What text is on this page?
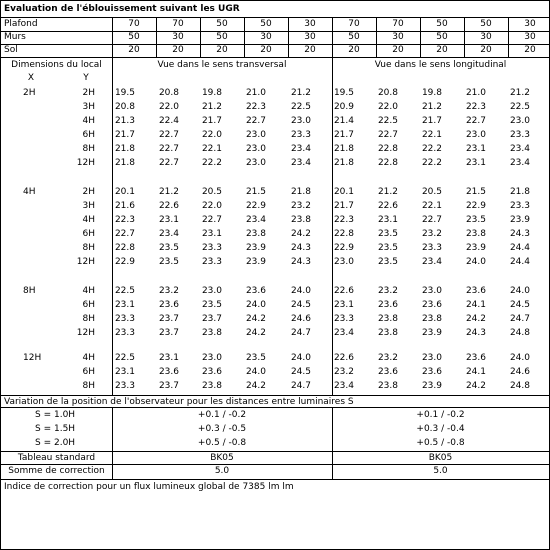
Evaluation de l'éblouissement suivant les UGR
Dimensions du local
X	Y
Vue dans le sens transversal	Vue dans le sens longitudinal
Variation de la position de l'observateur pour les distances entre luminaires S
Indice de correction pour un flux lumineux global de 7385 lm lm
Plafond	70	70	50	50	30	70	70	50	50	30
Murs	50	30	50	30	30	50	30	50	30	30
Sol	20	20	20	20	20	20	20	20	20	20
2H	2H 19.5	20.8	19.8	21.0	21.2	19.5	20.8	19.8	21.0	21.2
3H 20.8	22.0	21.2	22.3	22.5	20.9	22.0	21.2	22.3	22.5
4H 21.3	22.4	21.7	22.7	23.0	21.4	22.5	21.7	22.7	23.0
6H 21.7	22.7	22.0	23.0	23.3	21.7	22.7	22.1	23.0	23.3
8H 21.8	22.7	22.1	23.0	23.4	21.8	22.8	22.2	23.1	23.4
12H 21.8	22.7	22.2	23.0	23.4	21.8	22.8	22.2	23.1	23.4
4H	2H 20.1	21.2	20.5	21.5	21.8	20.1	21.2	20.5	21.5	21.8
3H 21.6	22.6	22.0	22.9	23.2	21.7	22.6	22.1	22.9	23.3
4H 22.3	23.1	22.7	23.4	23.8	22.3	23.1	22.7	23.5	23.9
6H 22.7	23.4	23.1	23.8	24.2	22.8	23.5	23.2	23.8	24.3
8H 22.8	23.5	23.3	23.9	24.3	22.9	23.5	23.3	23.9	24.4
12H 22.9	23.5	23.3	23.9	24.3	23.0	23.5	23.4	24.0	24.4
8H	4H 22.5	23.2	23.0	23.6	24.0	22.6	23.2	23.0	23.6	24.0
6H 23.1	23.6	23.5	24.0	24.5	23.1	23.6	23.6	24.1	24.5
8H 23.3	23.7	23.7	24.2	24.6	23.3	23.8	23.8	24.2	24.7
12H 23.3	23.7	23.8	24.2	24.7	23.4	23.8	23.9	24.3	24.8
12H	4H 22.5	23.1	23.0	23.5	24.0	22.6	23.2	23.0	23.6	24.0
6H 23.1	23.6	23.6	24.0	24.5	23.2	23.6	23.6	24.1	24.6
8H 23.3	23.7	23.8	24.2	24.7	23.4	23.8	23.9	24.2	24.8
S = 1.0H	+0.1 / -0.2	+0.1 / -0.2
S = 1.5H	+0.3 / -0.5	+0.3 / -0.4
S = 2.0H	+0.5 / -0.8	+0.5 / -0.8
Tableau standard	BK05	BK05
Somme de correction	5.0	5.0
